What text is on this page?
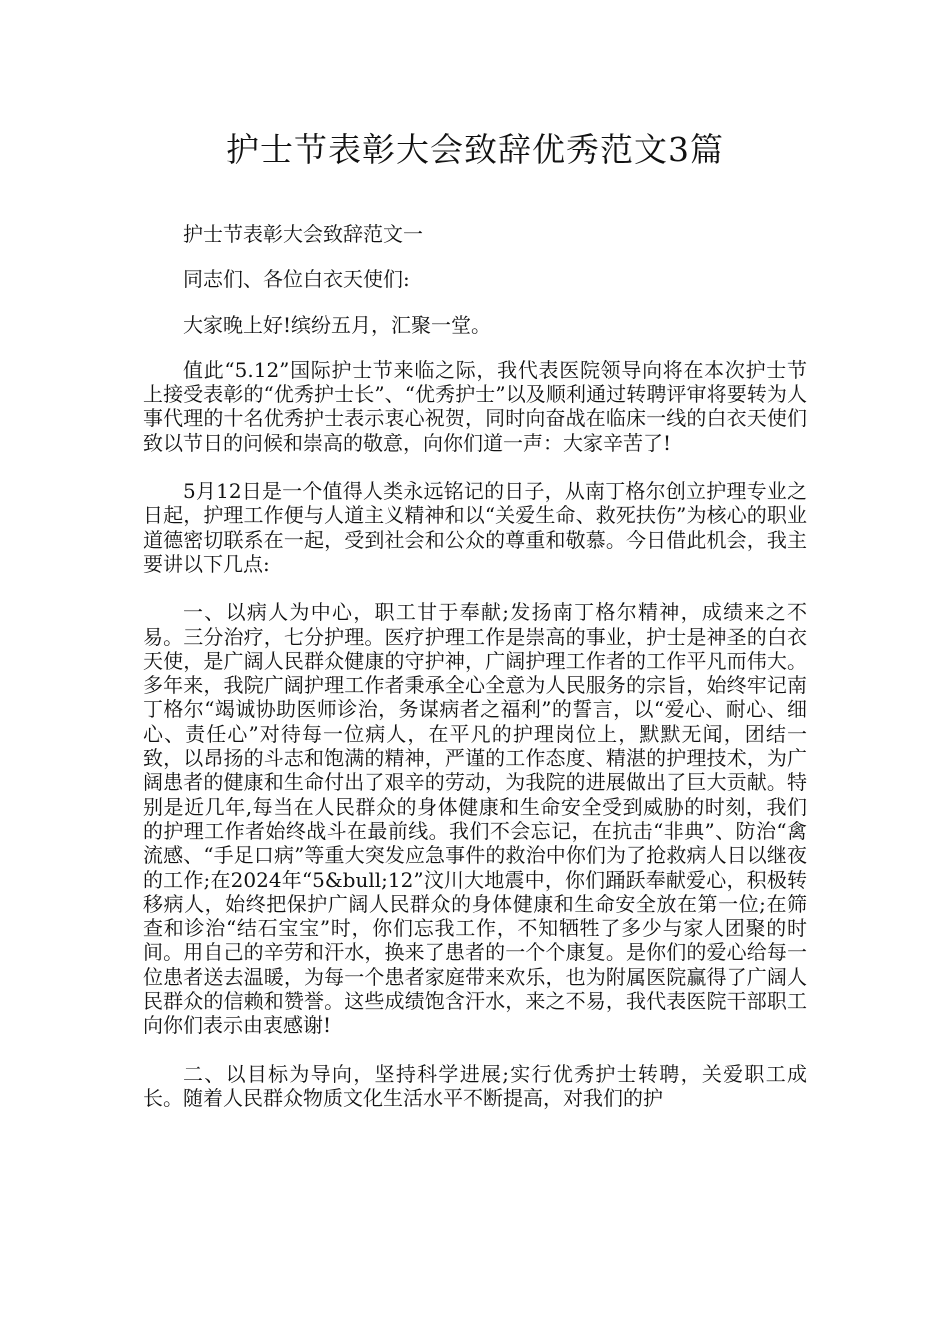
护士节表彰大会致辞优秀范文3篇

护士节表彰大会致辞范文一

同志们、各位白衣天使们:

大家晚上好!缤纷五月，汇聚一堂。

值此“5.12”国际护士节来临之际，我代表医院领导向将在本次护士节上接受表彰的“优秀护士长”、“优秀护士”以及顺利通过转聘评审将要转为人事代理的十名优秀护士表示衷心祝贺，同时向奋战在临床一线的白衣天使们致以节日的问候和崇高的敬意，向你们道一声：大家辛苦了!

5月12日是一个值得人类永远铭记的日子，从南丁格尔创立护理专业之日起，护理工作便与人道主义精神和以“关爱生命、救死扶伤”为核心的职业道德密切联系在一起，受到社会和公众的尊重和敬慕。今日借此机会，我主要讲以下几点:

一、以病人为中心，职工甘于奉献;发扬南丁格尔精神，成绩来之不易。三分治疗，七分护理。医疗护理工作是崇高的事业，护士是神圣的白衣天使，是广阔人民群众健康的守护神，广阔护理工作者的工作平凡而伟大。多年来，我院广阔护理工作者秉承全心全意为人民服务的宗旨，始终牢记南丁格尔“竭诚协助医师诊治，务谋病者之福利”的誓言，以“爱心、耐心、细心、责任心”对待每一位病人，在平凡的护理岗位上，默默无闻，团结一致，以昂扬的斗志和饱满的精神，严谨的工作态度、精湛的护理技术，为广阔患者的健康和生命付出了艰辛的劳动，为我院的进展做出了巨大贡献。特别是近几年,每当在人民群众的身体健康和生命安全受到威胁的时刻，我们的护理工作者始终战斗在最前线。我们不会忘记，在抗击“非典”、防治“禽流感、“手足口病”等重大突发应急事件的救治中你们为了抢救病人日以继夜的工作;在2024年“5&bull;12”汶川大地震中，你们踊跃奉献爱心，积极转移病人，始终把保护广阔人民群众的身体健康和生命安全放在第一位;在筛查和诊治“结石宝宝”时，你们忘我工作，不知牺牲了多少与家人团聚的时间。用自己的辛劳和汗水，换来了患者的一个个康复。是你们的爱心给每一位患者送去温暖，为每一个患者家庭带来欢乐，也为附属医院赢得了广阔人民群众的信赖和赞誉。这些成绩饱含汗水，来之不易，我代表医院干部职工向你们表示由衷感谢!

二、以目标为导向，坚持科学进展;实行优秀护士转聘，关爱职工成长。随着人民群众物质文化生活水平不断提高，对我们的护
